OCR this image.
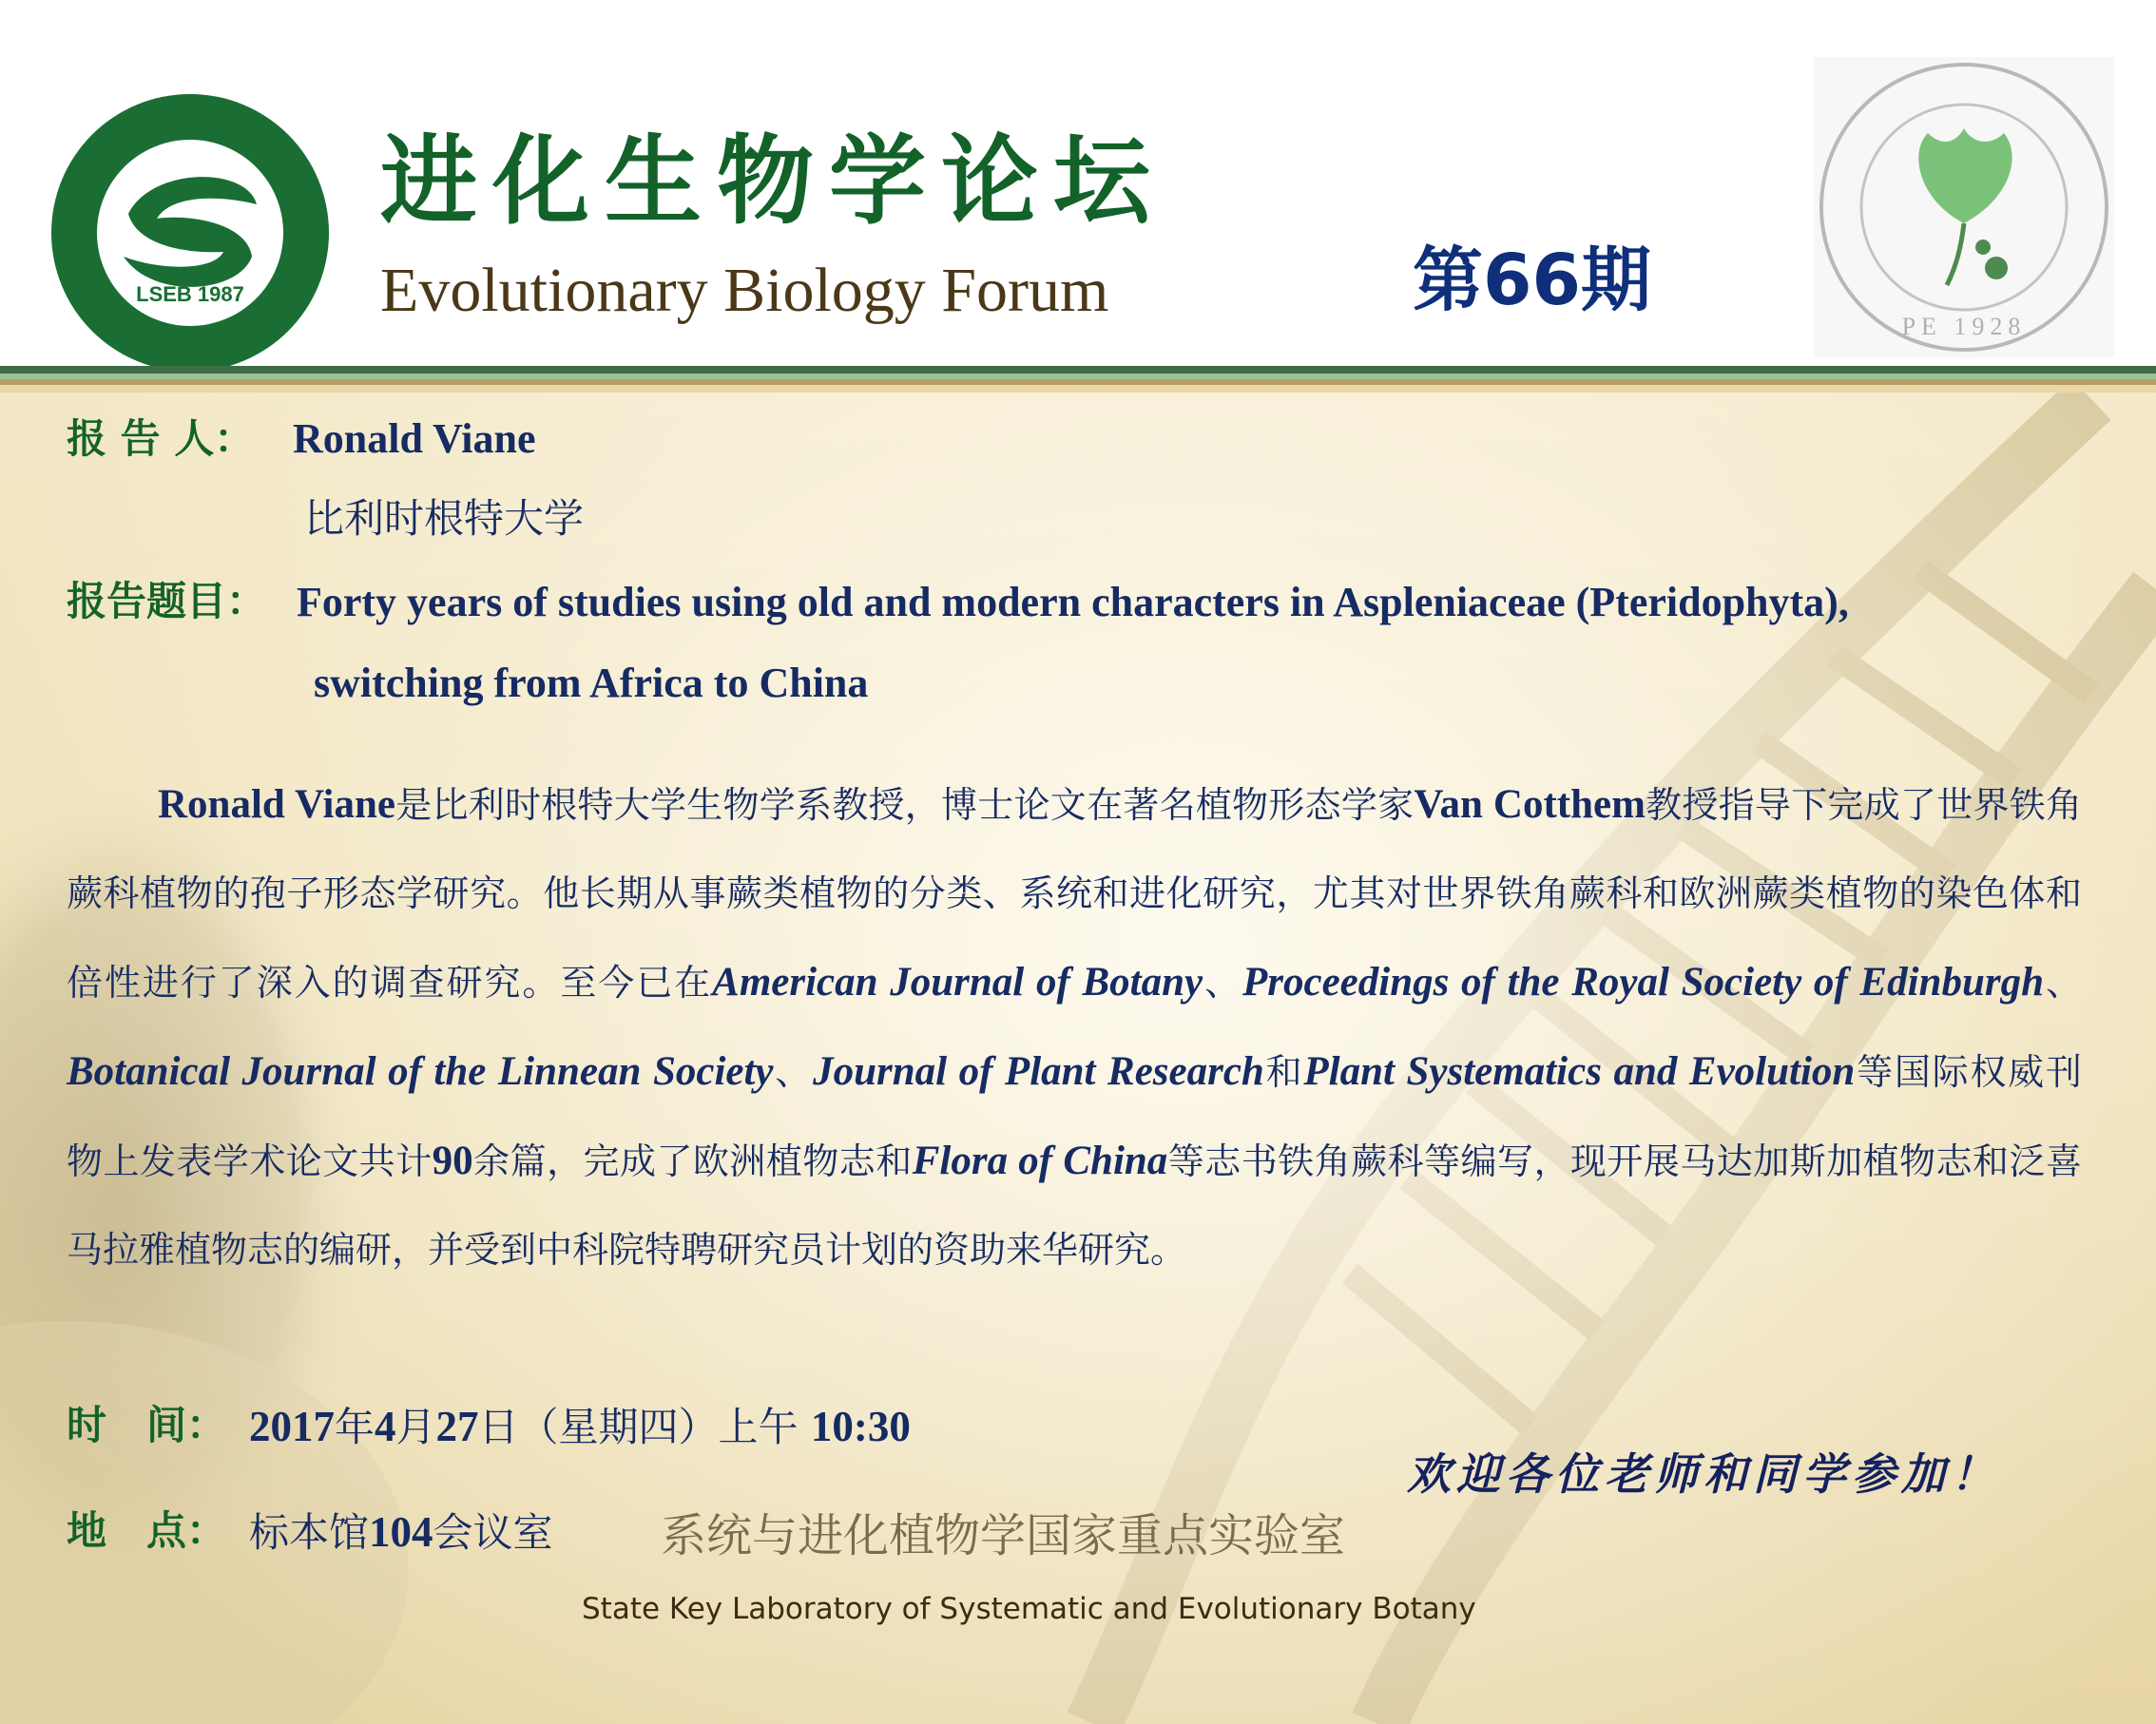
LSEB 1987
进化生物学论坛
Evolutionary Biology Forum	第66期
PE 1928
报 告 人： Ronald Viane
比利时根特大学
报告题目： Forty years of studies using old and modern characters in Aspleniaceae (Pteridophyta),
switching from Africa to China

Ronald Viane是比利时根特大学生物学系教授，博士论文在著名植物形态学家Van Cotthem教授指导下完成了世界铁角蕨科植物的孢子形态学研究。他长期从事蕨类植物的分类、系统和进化研究，尤其对世界铁角蕨科和欧洲蕨类植物的染色体和倍性进行了深入的调查研究。至今已在American Journal of Botany、Proceedings of the Royal Society of Edinburgh、Botanical Journal of the Linnean Society、Journal of Plant Research和Plant Systematics and Evolution等国际权威刊物上发表学术论文共计90余篇，完成了欧洲植物志和Flora of China等志书铁角蕨科等编写，现开展马达加斯加植物志和泛喜马拉雅植物志的编研，并受到中科院特聘研究员计划的资助来华研究。

时　间： 2017年4月27日（星期四）上午 10:30
地　点： 标本馆104会议室
欢迎各位老师和同学参加！
系统与进化植物学国家重点实验室
State Key Laboratory of Systematic and Evolutionary Botany
